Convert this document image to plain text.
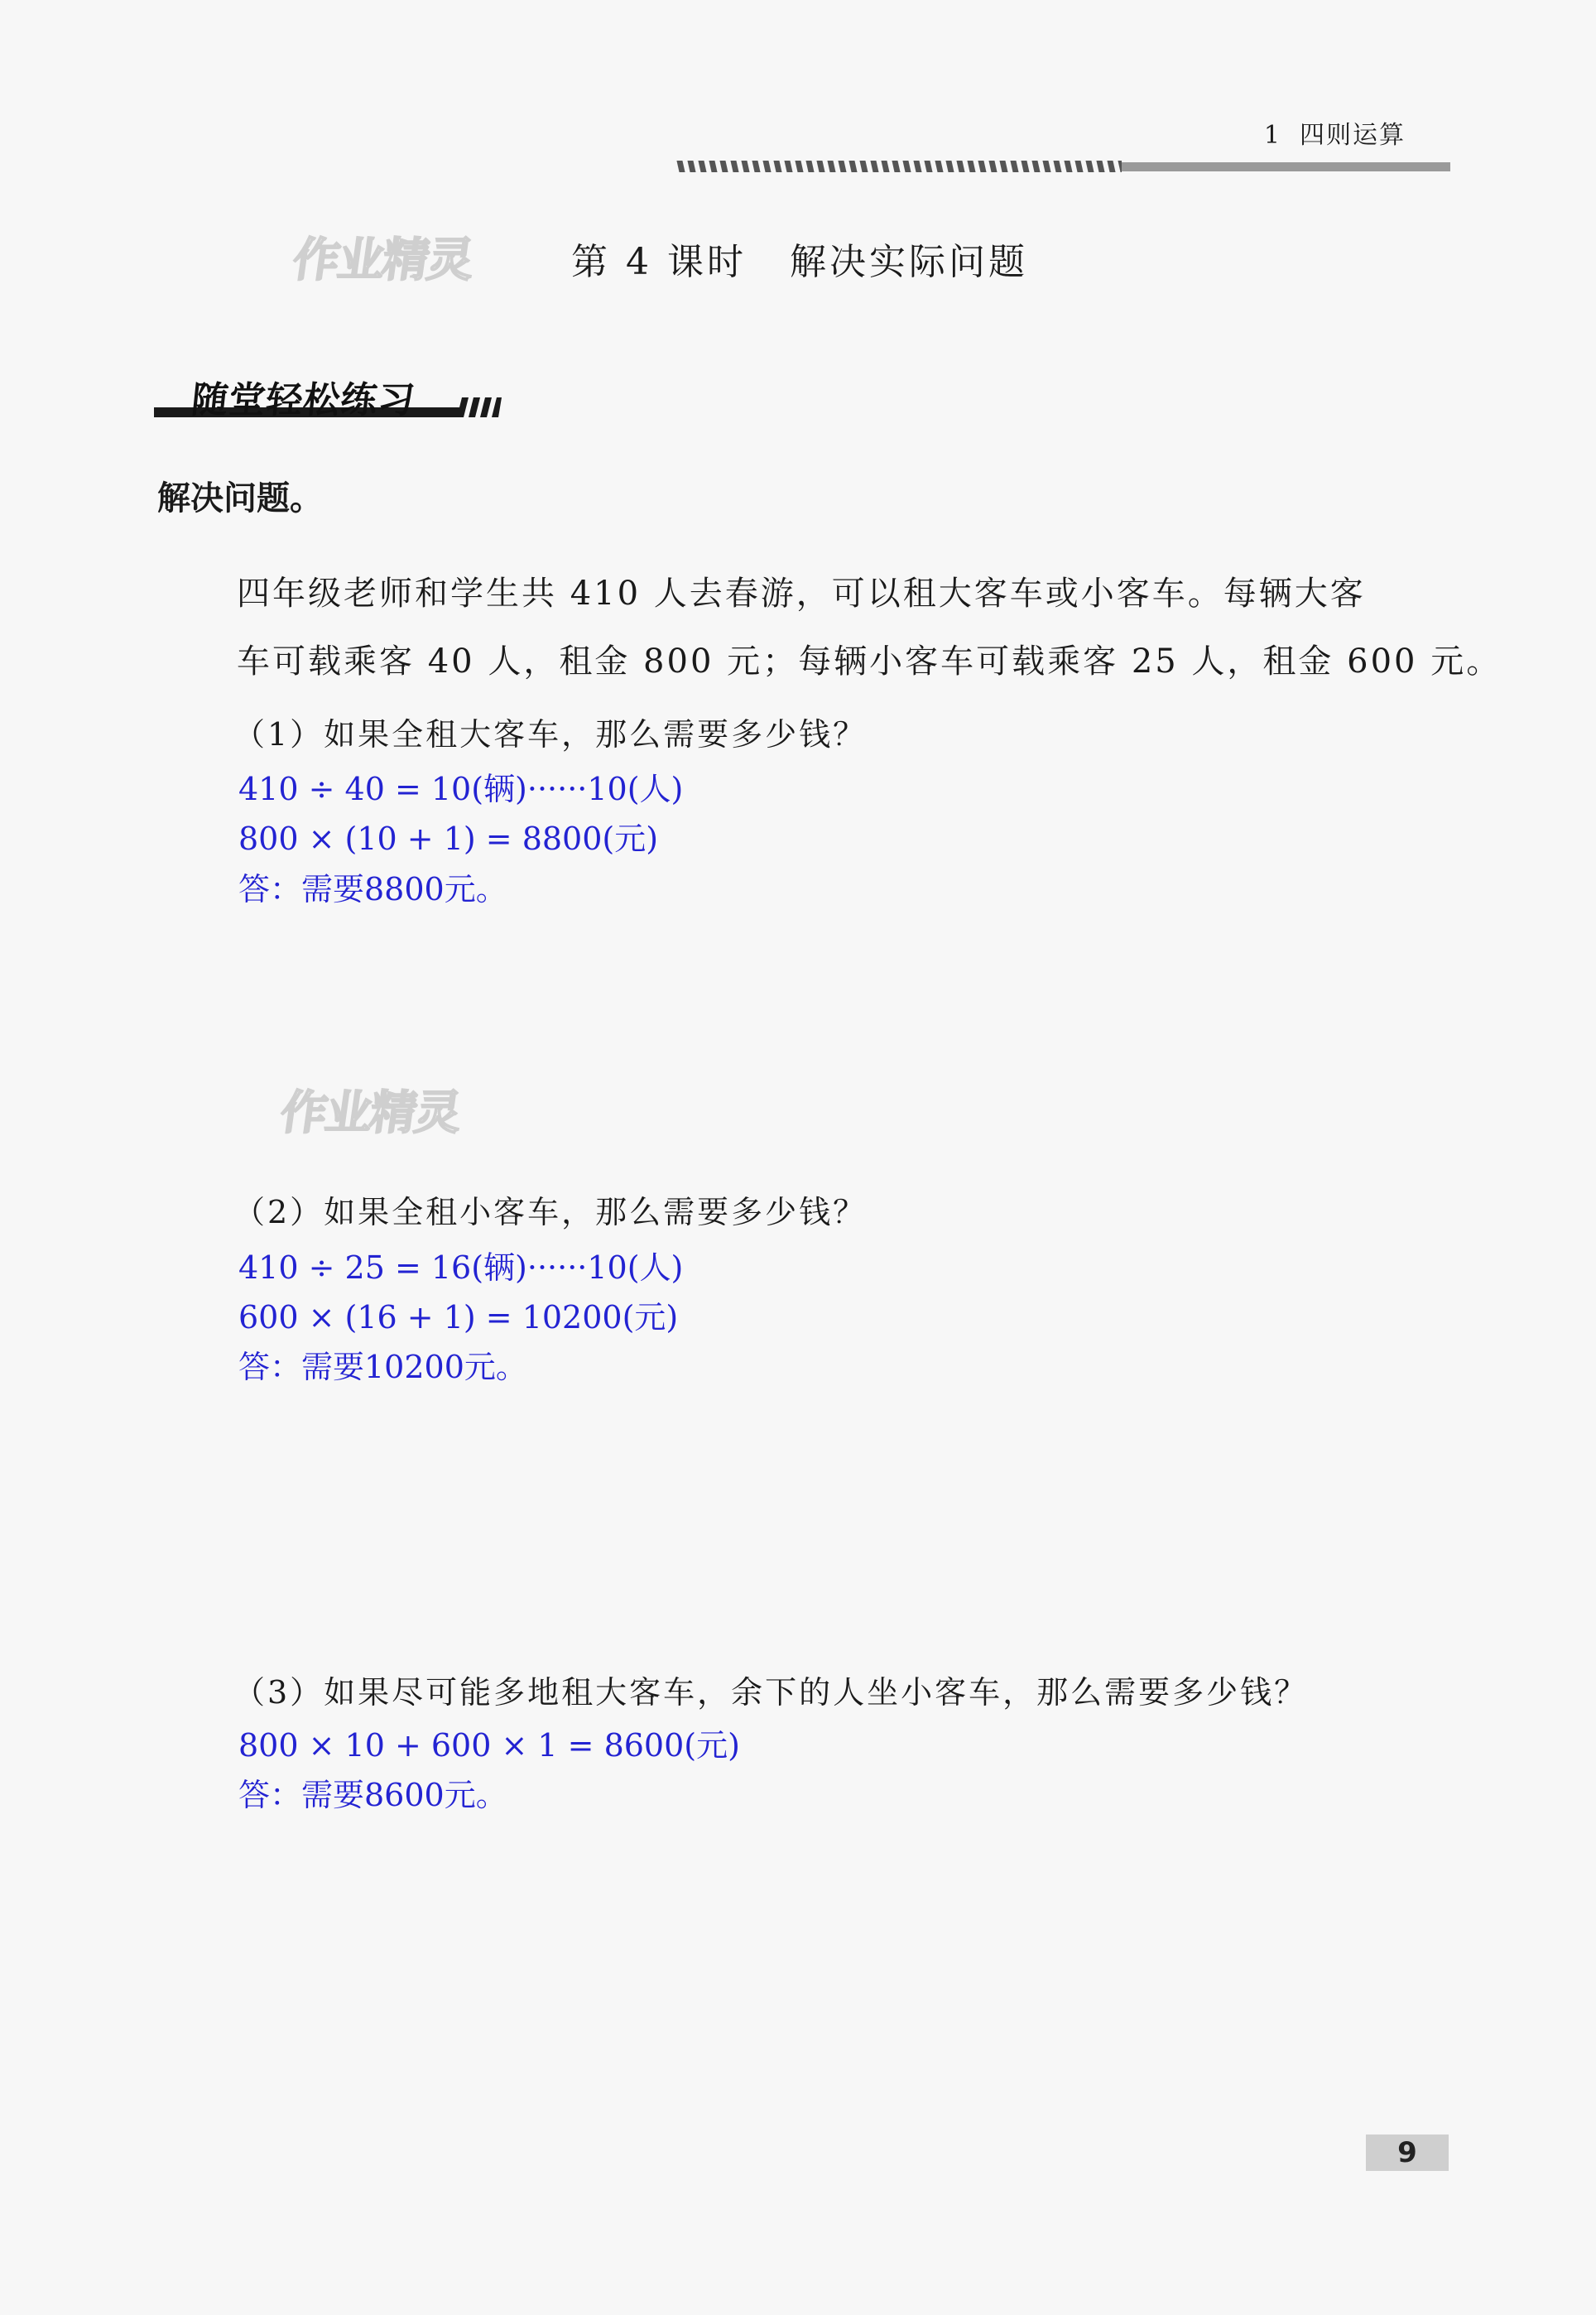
1 四则运算
作业精灵
作业精灵
第 4 课时 解决实际问题
随堂轻松练习
解决问题。
四年级老师和学生共 410 人去春游，可以租大客车或小客车。每辆大客
车可载乘客 40 人，租金 800 元；每辆小客车可载乘客 25 人，租金 600 元。
（1）如果全租大客车，那么需要多少钱？
410 ÷ 40 = 10(辆)······10(人)
800 × (10 + 1) = 8800(元)
答：需要8800元。
（2）如果全租小客车，那么需要多少钱？
410 ÷ 25 = 16(辆)······10(人)
600 × (16 + 1) = 10200(元)
答：需要10200元。
（3）如果尽可能多地租大客车，余下的人坐小客车，那么需要多少钱？
800 × 10 + 600 × 1 = 8600(元)
答：需要8600元。
9
